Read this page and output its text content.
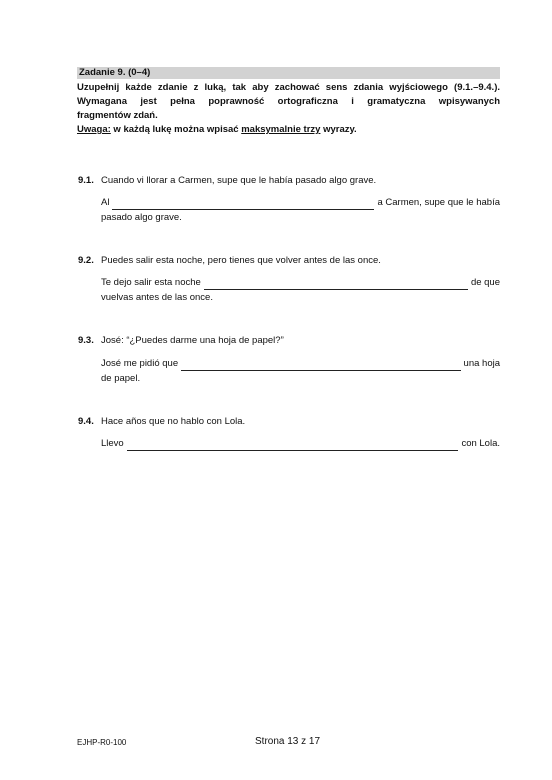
Zadanie 9. (0–4)
Uzupełnij każde zdanie z luką, tak aby zachować sens zdania wyjściowego (9.1.–9.4.).
Wymagana jest pełna poprawność ortograficzna i gramatyczna wpisywanych
fragmentów zdań.
Uwaga: w każdą lukę można wpisać maksymalnie trzy wyrazy.
9.1. Cuando vi llorar a Carmen, supe que le había pasado algo grave.
Al	a Carmen, supe que le había
pasado algo grave.
9.2. Puedes salir esta noche, pero tienes que volver antes de las once.
Te dejo salir esta noche	de que
vuelvas antes de las once.
9.3. José: “¿Puedes darme una hoja de papel?”
José me pidió que	una hoja
de papel.
9.4. Hace años que no hablo con Lola.
Llevo	con Lola.
EJHP-R0-100	Strona 13 z 17
